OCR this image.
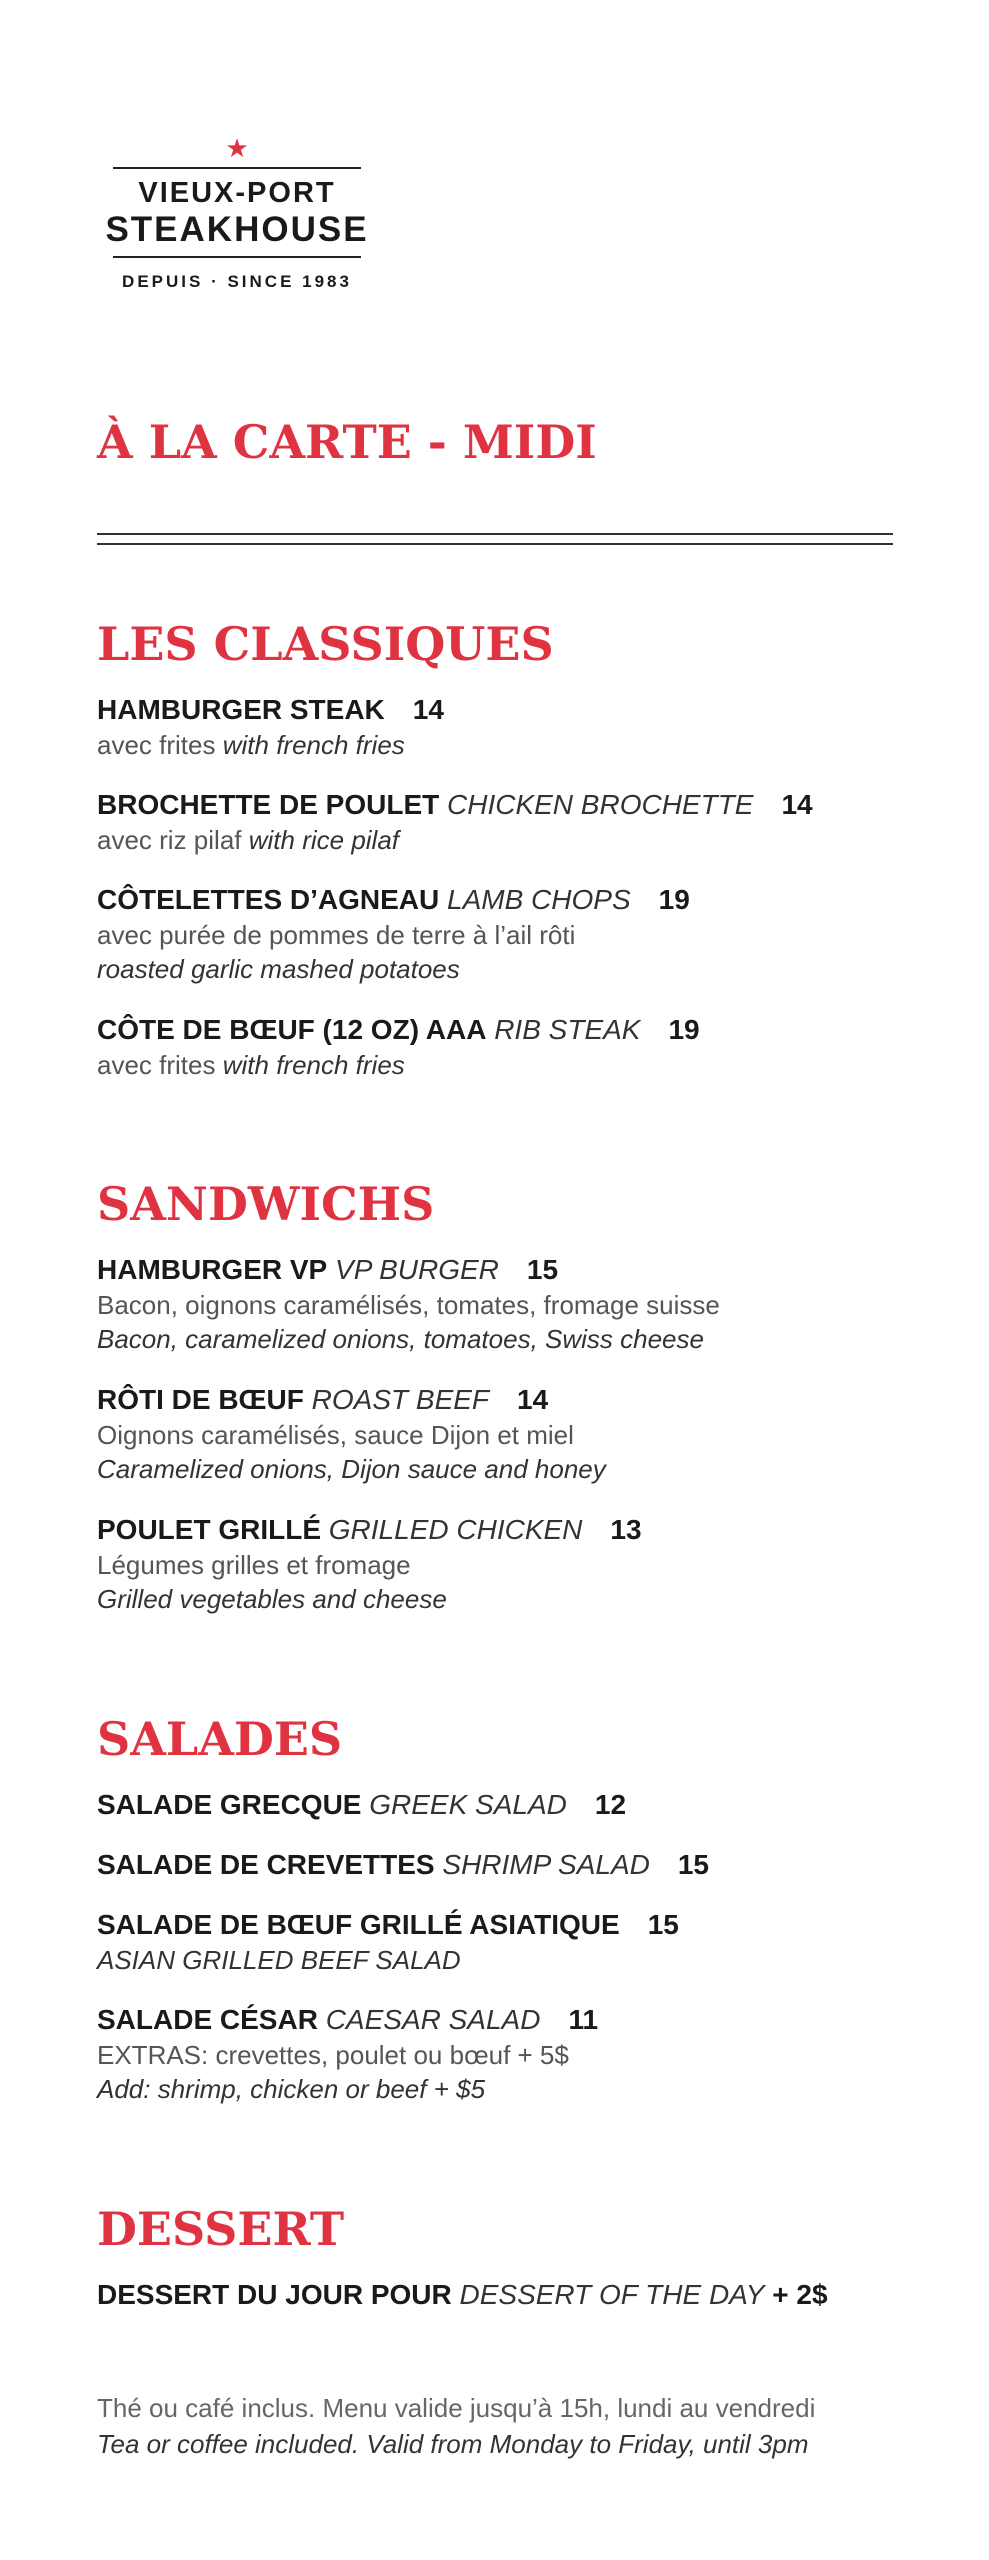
★
VIEUX-PORT
STEAKHOUSE
DEPUIS · SINCE 1983
À LA CARTE - MIDI
LES CLASSIQUES
HAMBURGER STEAK 14
avec frites with french fries
BROCHETTE DE POULET CHICKEN BROCHETTE 14
avec riz pilaf with rice pilaf
CÔTELETTES D’AGNEAU LAMB CHOPS 19
avec purée de pommes de terre à l’ail rôti
roasted garlic mashed potatoes
CÔTE DE BŒUF (12 OZ) AAA RIB STEAK 19
avec frites with french fries
SANDWICHS
HAMBURGER VP VP BURGER 15
Bacon, oignons caramélisés, tomates, fromage suisse
Bacon, caramelized onions, tomatoes, Swiss cheese
RÔTI DE BŒUF ROAST BEEF 14
Oignons caramélisés, sauce Dijon et miel
Caramelized onions, Dijon sauce and honey
POULET GRILLÉ GRILLED CHICKEN 13
Légumes grilles et fromage
Grilled vegetables and cheese
SALADES
SALADE GRECQUE GREEK SALAD 12
SALADE DE CREVETTES SHRIMP SALAD 15
SALADE DE BŒUF GRILLÉ ASIATIQUE 15
ASIAN GRILLED BEEF SALAD
SALADE CÉSAR CAESAR SALAD 11
EXTRAS: crevettes, poulet ou bœuf + 5$
Add: shrimp, chicken or beef + $5
DESSERT
DESSERT DU JOUR POUR DESSERT OF THE DAY + 2$
Thé ou café inclus. Menu valide jusqu’à 15h, lundi au vendredi
Tea or coffee included. Valid from Monday to Friday, until 3pm
